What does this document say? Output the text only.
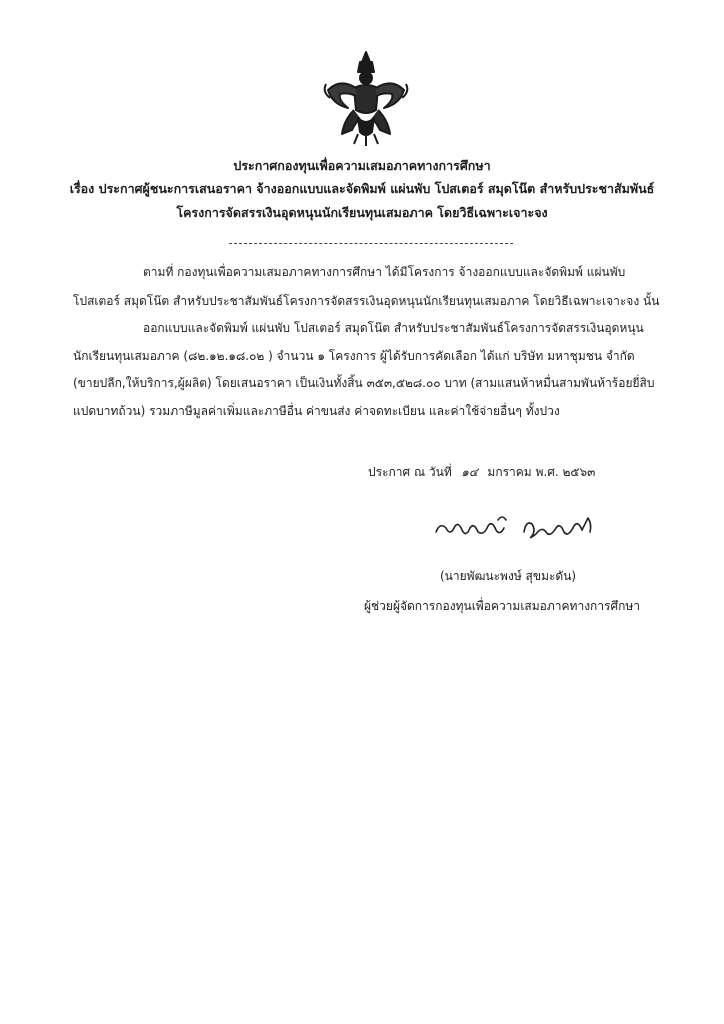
ประกาศกองทุนเพื่อความเสมอภาคทางการศึกษา
เรื่อง ประกาศผู้ชนะการเสนอราคา จ้างออกแบบและจัดพิมพ์ แผ่นพับ โปสเตอร์ สมุดโน๊ต สำหรับประชาสัมพันธ์
โครงการจัดสรรเงินอุดหนุนนักเรียนทุนเสมอภาค โดยวิธีเฉพาะเจาะจง
ตามที่ กองทุนเพื่อความเสมอภาคทางการศึกษา ได้มีโครงการ จ้างออกแบบและจัดพิมพ์ แผ่นพับ
โปสเตอร์ สมุดโน๊ต สำหรับประชาสัมพันธ์โครงการจัดสรรเงินอุดหนุนนักเรียนทุนเสมอภาค โดยวิธีเฉพาะเจาะจง นั้น
ออกแบบและจัดพิมพ์ แผ่นพับ โปสเตอร์ สมุดโน๊ต สำหรับประชาสัมพันธ์โครงการจัดสรรเงินอุดหนุน
นักเรียนทุนเสมอภาค (๘๒.๑๒.๑๘.๐๒ ) จำนวน ๑ โครงการ ผู้ได้รับการคัดเลือก ได้แก่ บริษัท มหาชุมชน จำกัด
(ขายปลีก,ให้บริการ,ผู้ผลิต) โดยเสนอราคา เป็นเงินทั้งสิ้น ๓๕๓,๕๒๘.๐๐ บาท (สามแสนห้าหมื่นสามพันห้าร้อยยี่สิบ
แปดบาทถ้วน) รวมภาษีมูลค่าเพิ่มและภาษีอื่น ค่าขนส่ง ค่าจดทะเบียน และค่าใช้จ่ายอื่นๆ ทั้งปวง
ประกาศ ณ วันที่ ๑๔ มกราคม พ.ศ. ๒๕๖๓
(นายพัฒนะพงษ์ สุขมะดัน)
ผู้ช่วยผู้จัดการกองทุนเพื่อความเสมอภาคทางการศึกษา
